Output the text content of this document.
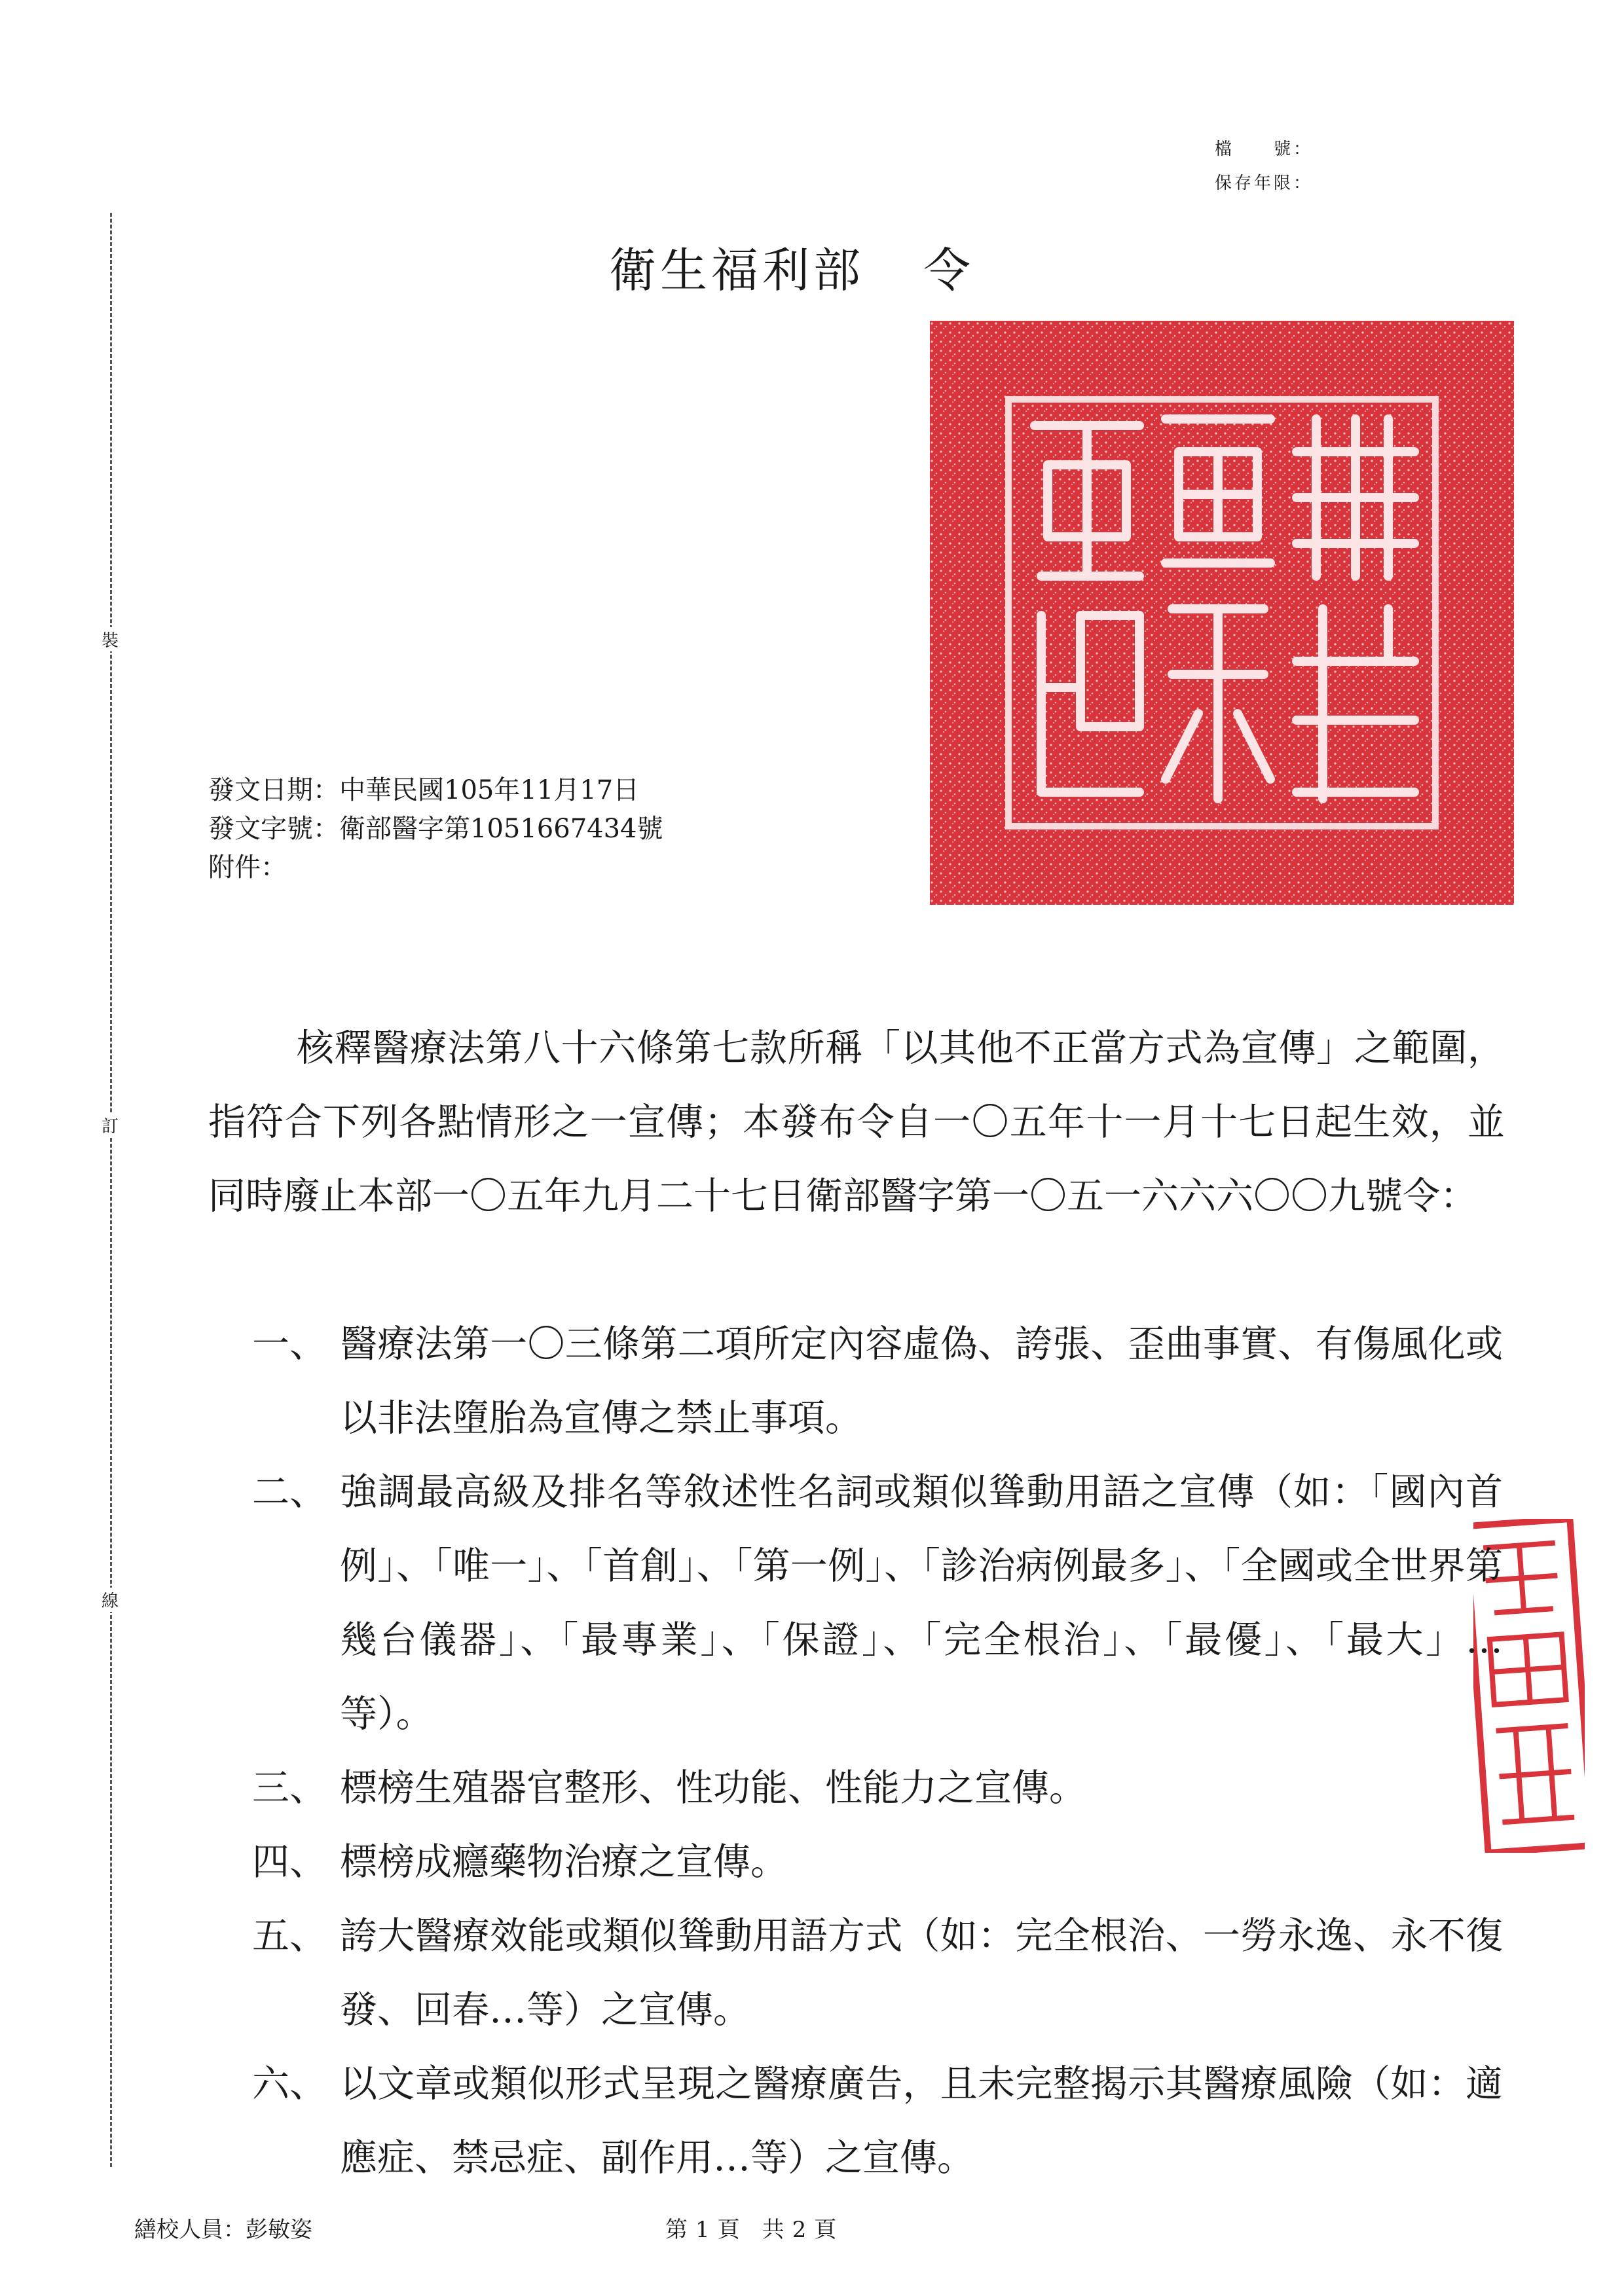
檔　　號：
保存年限：
裝
訂
線
衛生福利部 令
發文日期：中華民國105年11月17日
發文字號：衛部醫字第1051667434號
附件：
核釋醫療法第八十六條第七款所稱「以其他不正當方式為宣傳」之範圍，指符合下列各點情形之一宣傳；本發布令自一〇五年十一月十七日起生效，並同時廢止本部一〇五年九月二十七日衛部醫字第一〇五一六六六〇〇九號令：
一、 醫療法第一〇三條第二項所定內容虛偽、誇張、歪曲事實、有傷風化或以非法墮胎為宣傳之禁止事項。
二、 強調最高級及排名等敘述性名詞或類似聳動用語之宣傳（如：「國內首例」、「唯一」、「首創」、「第一例」、「診治病例最多」、「全國或全世界第幾台儀器」、「最專業」、「保證」、「完全根治」、「最優」、「最大」…等）。
三、 標榜生殖器官整形、性功能、性能力之宣傳。
四、 標榜成癮藥物治療之宣傳。
五、 誇大醫療效能或類似聳動用語方式（如：完全根治、一勞永逸、永不復發、回春…等）之宣傳。
六、 以文章或類似形式呈現之醫療廣告，且未完整揭示其醫療風險（如：適應症、禁忌症、副作用…等）之宣傳。
繕校人員：彭敏姿	第 1 頁　共 2 頁
